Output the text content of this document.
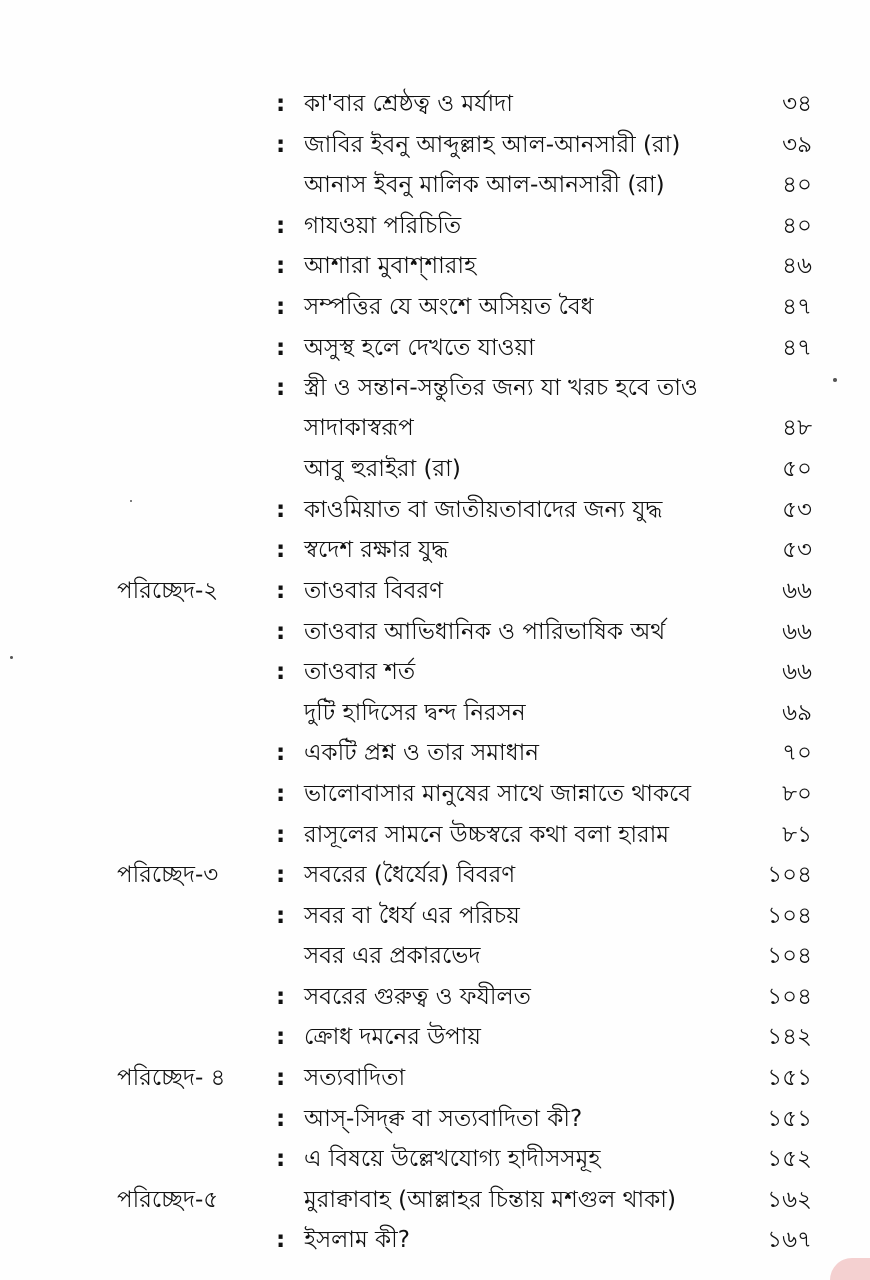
: কা'বার শ্রেষ্ঠত্ব ও মর্যাদা	৩৪
: জাবির ইবনু আব্দুল্লাহ আল-আনসারী (রা)	৩৯
আনাস ইবনু মালিক আল-আনসারী (রা)	৪০
: গাযওয়া পরিচিতি	৪০
: আশারা মুবাশ্‌শারাহ	৪৬
: সম্পত্তির যে অংশে অসিয়ত বৈধ	৪৭
: অসুস্থ হলে দেখতে যাওয়া	৪৭
: স্ত্রী ও সন্তান-সন্তুতির জন্য যা খরচ হবে তাও সাদাকাস্বরূপ	৪৮
আবু হুরাইরা (রা)	৫০
: কাওমিয়াত বা জাতীয়তাবাদের জন্য যুদ্ধ	৫৩
: স্বদেশ রক্ষার যুদ্ধ	৫৩
পরিচ্ছেদ-২	: তাওবার বিবরণ	৬৬
: তাওবার আভিধানিক ও পারিভাষিক অর্থ	৬৬
: তাওবার শর্ত	৬৬
দুটি হাদিসের দ্বন্দ নিরসন	৬৯
: একটি প্রশ্ন ও তার সমাধান	৭০
: ভালোবাসার মানুষের সাথে জান্নাতে থাকবে	৮০
: রাসূলের সামনে উচ্চস্বরে কথা বলা হারাম	৮১
পরিচ্ছেদ-৩	: সবরের (ধৈর্যের) বিবরণ	১০৪
: সবর বা ধৈর্য এর পরিচয়	১০৪
সবর এর প্রকারভেদ	১০৪
: সবরের গুরুত্ব ও ফযীলত	১০৪
: ক্রোধ দমনের উপায়	১৪২
পরিচ্ছেদ- ৪ : সত্যবাদিতা	১৫১
: আস্-সিদ্‌ক্ব বা সত্যবাদিতা কী?	১৫১
: এ বিষয়ে উল্লেখযোগ্য হাদীসসমূহ	১৫২
পরিচ্ছেদ-৫	মুরাক্বাবাহ (আল্লাহর চিন্তায় মশগুল থাকা)	১৬২
: ইসলাম কী?	১৬৭
